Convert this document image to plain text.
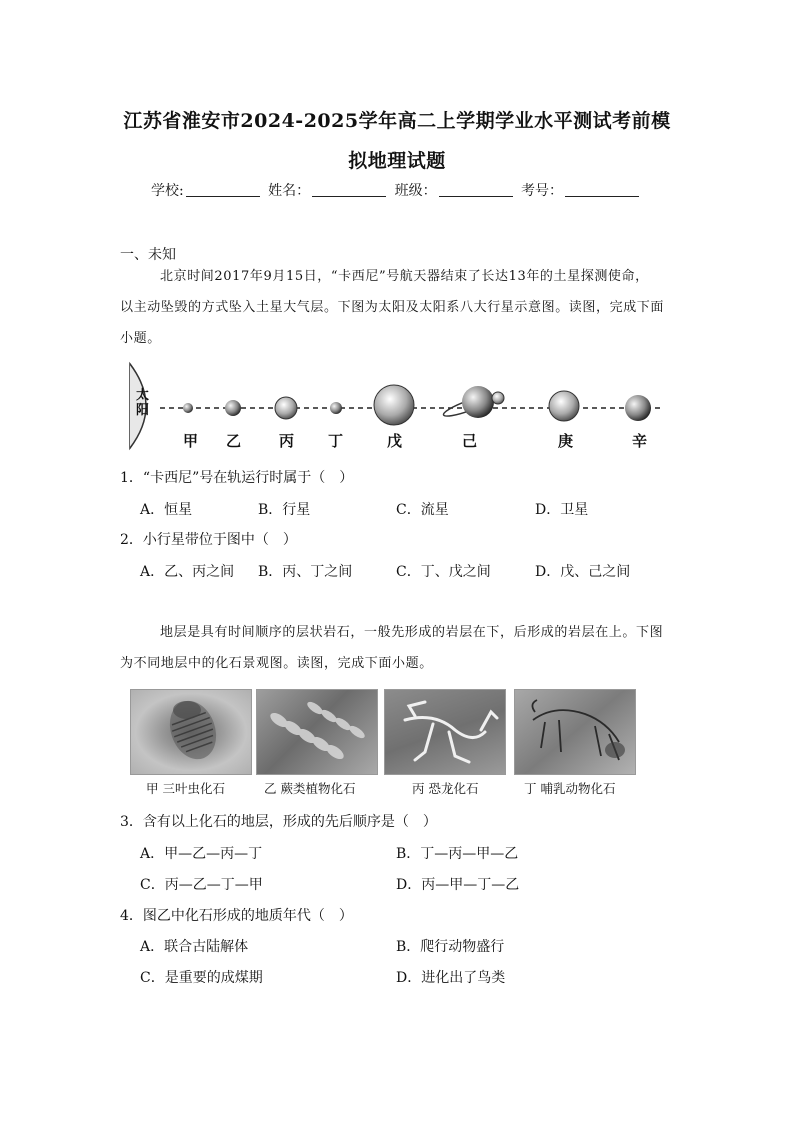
江苏省淮安市2024-2025学年高二上学期学业水平测试考前模
拟地理试题
学校:	姓名：	班级：	考号：
一、未知
北京时间2017年9月15日，“卡西尼”号航天器结束了长达13年的土星探测使命，
以主动坠毁的方式坠入土星大气层。下图为太阳及太阳系八大行星示意图。读图，完成下面
小题。
太
阳
甲 乙	丙 丁	戊	己	庚	辛
1．“卡西尼”号在轨运行时属于（　）
A．恒星	B．行星	C．流星	D．卫星
2．小行星带位于图中（　）
A．乙、丙之间 B．丙、丁之间	C．丁、戊之间	D．戊、己之间
地层是具有时间顺序的层状岩石，一般先形成的岩层在下，后形成的岩层在上。下图
为不同地层中的化石景观图。读图，完成下面小题。
甲 三叶虫化石	乙 蕨类植物化石	丙 恐龙化石	丁 哺乳动物化石
3．含有以上化石的地层，形成的先后顺序是（　）
A．甲—乙—丙—丁	B．丁—丙—甲—乙
C．丙—乙—丁—甲	D．丙—甲—丁—乙
4．图乙中化石形成的地质年代（　）
A．联合古陆解体	B．爬行动物盛行
C．是重要的成煤期	D．进化出了鸟类
